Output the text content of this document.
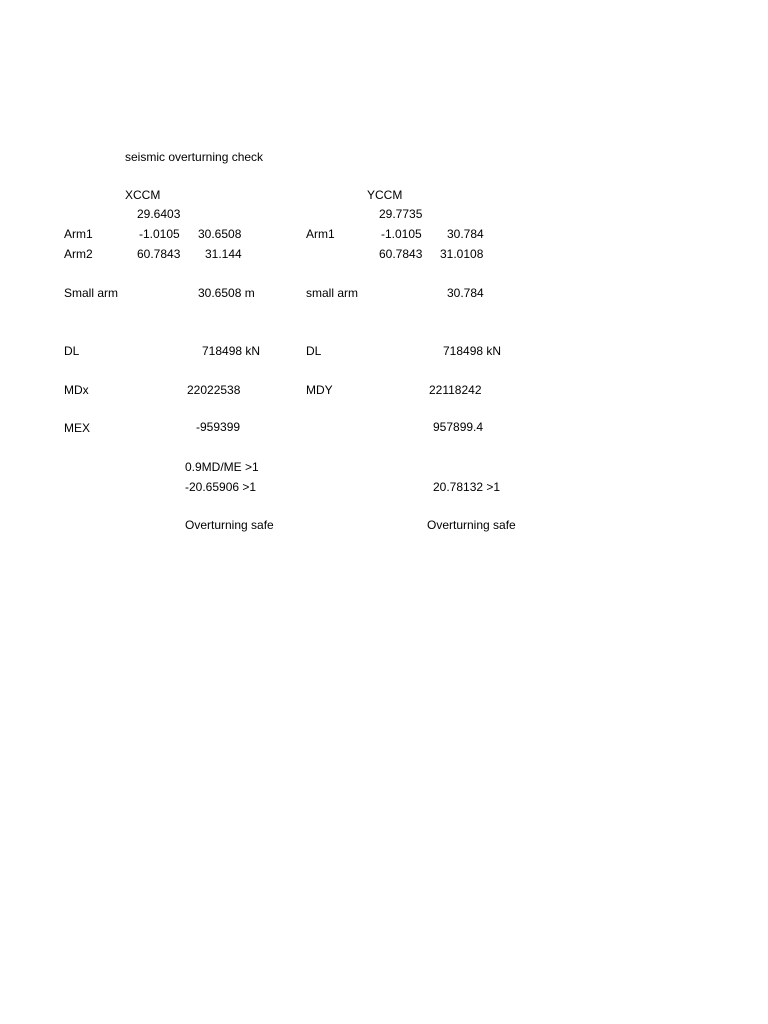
seismic overturning check
XCCM
29.6403
Arm1	-1.0105 30.6508
Arm2	60.7843 31.144
Small arm	30.6508 m
DL	718498 kN
MDx	22022538
MEX	-959399
0.9MD/ME >1
-20.65906 >1
Overturning safe
YCCM
29.7735
Arm1	-1.0105 30.784
60.7843 31.0108
small arm	30.784
DL	718498 kN
MDY	22118242
957899.4
20.78132 >1
Overturning safe
